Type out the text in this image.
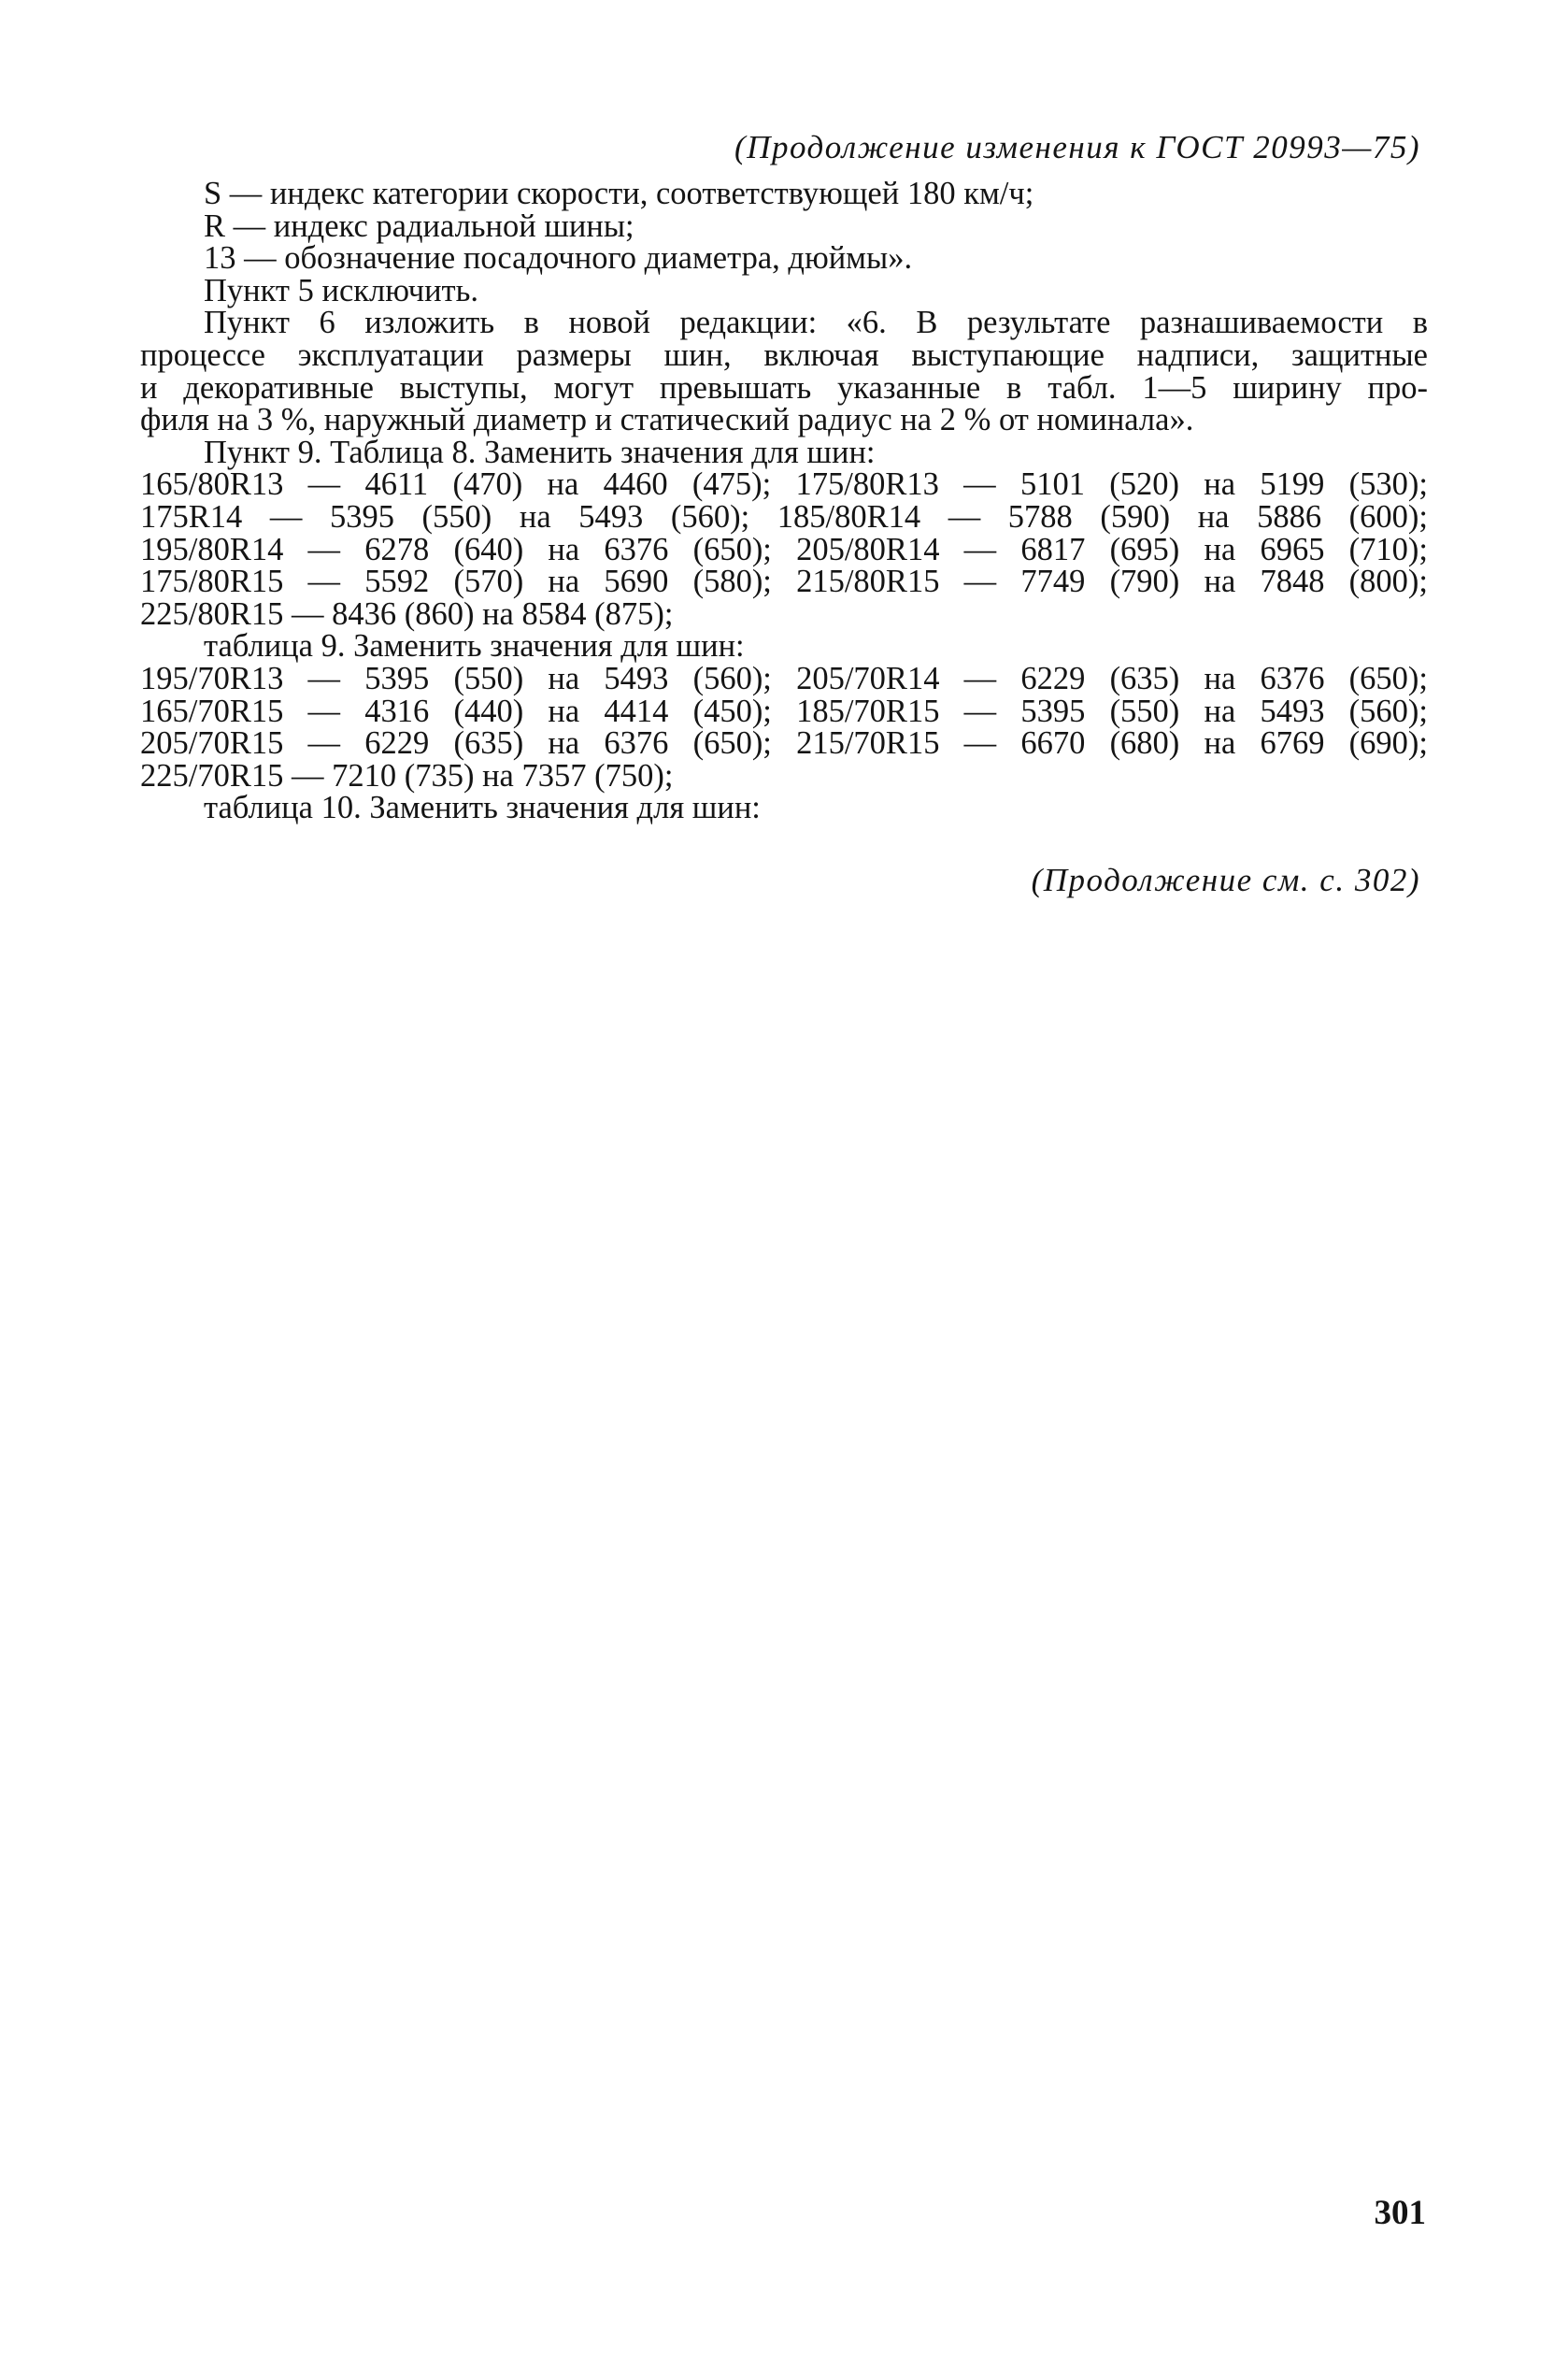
(Продолжение изменения к ГОСТ 20993—75)
S — индекс категории скорости, соответствующей 180 км/ч;
R — индекс радиальной шины;
13 — обозначение посадочного диаметра, дюймы».
Пункт 5 исключить.
Пункт 6 изложить в новой редакции: «6. В результате разнашиваемости в
процессе эксплуатации размеры шин, включая выступающие надписи, защитные
и декоративные выступы, могут превышать указанные в табл. 1—5 ширину про-
филя на 3 %, наружный диаметр и статический радиус на 2 % от номинала».
Пункт 9. Таблица 8. Заменить значения для шин:
165/80R13 — 4611 (470) на 4460 (475); 175/80R13 — 5101 (520) на 5199 (530);
175R14 — 5395 (550) на 5493 (560); 185/80R14 — 5788 (590) на 5886 (600);
195/80R14 — 6278 (640) на 6376 (650); 205/80R14 — 6817 (695) на 6965 (710);
175/80R15 — 5592 (570) на 5690 (580); 215/80R15 — 7749 (790) на 7848 (800);
225/80R15 — 8436 (860) на 8584 (875);
таблица 9. Заменить значения для шин:
195/70R13 — 5395 (550) на 5493 (560); 205/70R14 — 6229 (635) на 6376 (650);
165/70R15 — 4316 (440) на 4414 (450); 185/70R15 — 5395 (550) на 5493 (560);
205/70R15 — 6229 (635) на 6376 (650); 215/70R15 — 6670 (680) на 6769 (690);
225/70R15 — 7210 (735) на 7357 (750);
таблица 10. Заменить значения для шин:
(Продолжение см. с. 302)
301
